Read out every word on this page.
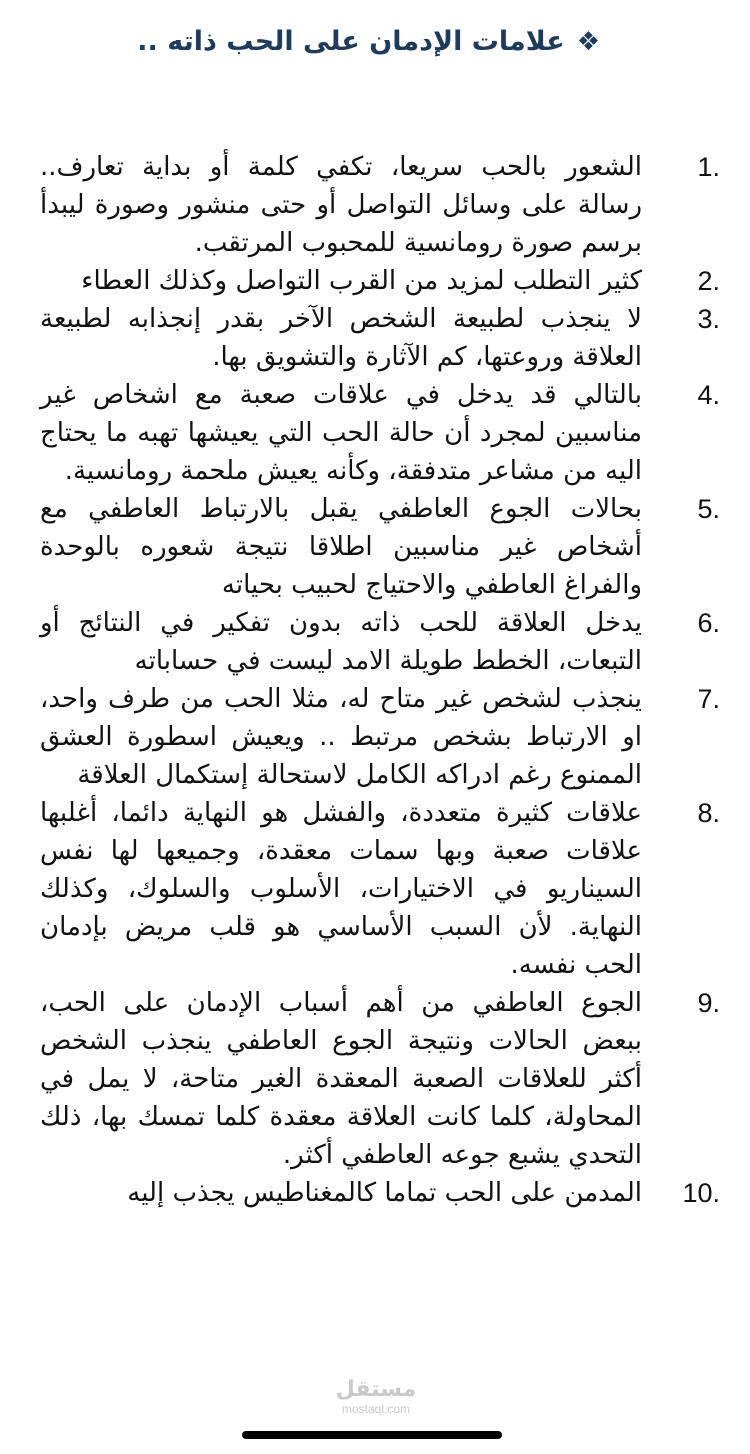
❖علامات الإدمان على الحب ذاته ..
1.
الشعور بالحب سريعا، تكفي كلمة أو بداية تعارف.. رسالة على وسائل التواصل أو حتى منشور وصورة ليبدأ برسم صورة رومانسية للمحبوب المرتقب.
2.
كثير التطلب لمزيد من القرب التواصل وكذلك العطاء
3.
لا ينجذب لطبيعة الشخص الآخر بقدر إنجذابه لطبيعة العلاقة وروعتها، كم الآثارة والتشويق بها.
4.
بالتالي قد يدخل في علاقات صعبة مع اشخاص غير مناسبين لمجرد أن حالة الحب التي يعيشها تهبه ما يحتاج اليه من مشاعر متدفقة، وكأنه يعيش ملحمة رومانسية.
5.
بحالات الجوع العاطفي يقبل بالارتباط العاطفي مع أشخاص غير مناسبين اطلاقا نتيجة شعوره بالوحدة والفراغ العاطفي والاحتياج لحبيب بحياته
6.
يدخل العلاقة للحب ذاته بدون تفكير في النتائج أو التبعات، الخطط طويلة الامد ليست في حساباته
7.
ينجذب لشخص غير متاح له، مثلا الحب من طرف واحد، او الارتباط بشخص مرتبط .. ويعيش اسطورة العشق الممنوع رغم ادراكه الكامل لاستحالة إستكمال العلاقة
8.
علاقات كثيرة متعددة، والفشل هو النهاية دائما، أغلبها علاقات صعبة وبها سمات معقدة، وجميعها لها نفس السيناريو في الاختيارات، الأسلوب والسلوك، وكذلك النهاية. لأن السبب الأساسي هو قلب مريض بإدمان الحب نفسه.
9.
الجوع العاطفي من أهم أسباب الإدمان على الحب، ببعض الحالات ونتيجة الجوع العاطفي ينجذب الشخص أكثر للعلاقات الصعبة المعقدة الغير متاحة، لا يمل في المحاولة، كلما كانت العلاقة معقدة كلما تمسك بها، ذلك التحدي يشبع جوعه العاطفي أكثر.
10.
المدمن على الحب تماما كالمغناطيس يجذب إليه
مستقل
mostaql.com
